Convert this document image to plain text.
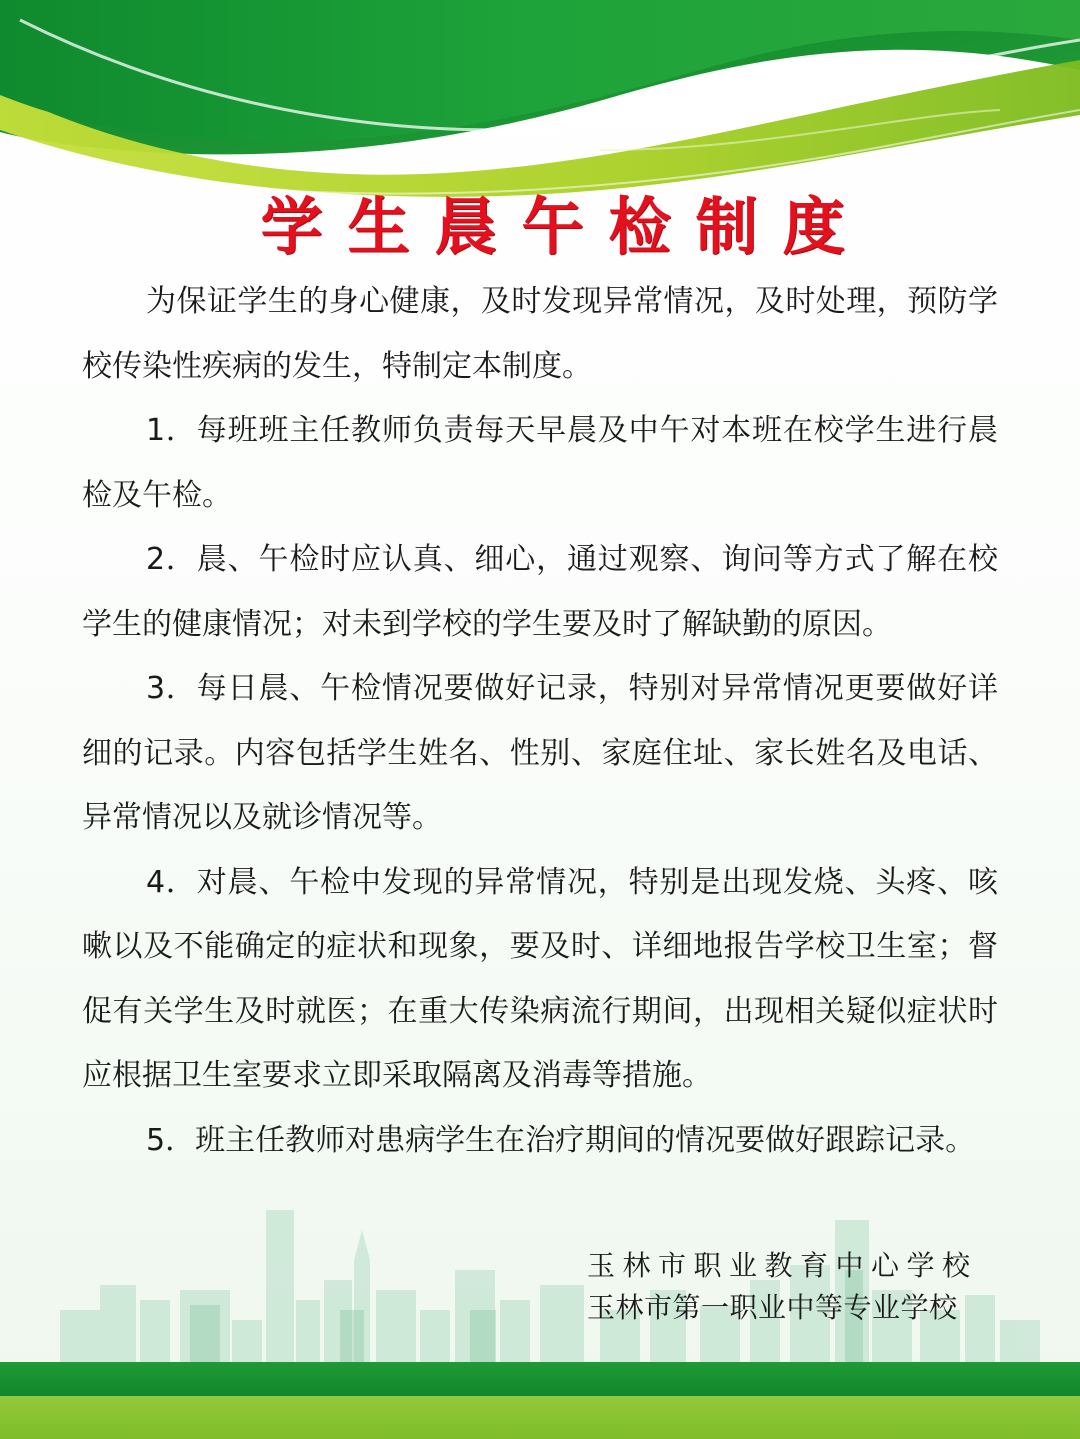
学生晨午检制度

为保证学生的身心健康，及时发现异常情况，及时处理，预防学校传染性疾病的发生，特制定本制度。

1．每班班主任教师负责每天早晨及中午对本班在校学生进行晨检及午检。

2．晨、午检时应认真、细心，通过观察、询问等方式了解在校学生的健康情况；对未到学校的学生要及时了解缺勤的原因。

3．每日晨、午检情况要做好记录，特别对异常情况更要做好详细的记录。内容包括学生姓名、性别、家庭住址、家长姓名及电话、异常情况以及就诊情况等。

4．对晨、午检中发现的异常情况，特别是出现发烧、头疼、咳嗽以及不能确定的症状和现象，要及时、详细地报告学校卫生室；督促有关学生及时就医；在重大传染病流行期间，出现相关疑似症状时应根据卫生室要求立即采取隔离及消毒等措施。

5．班主任教师对患病学生在治疗期间的情况要做好跟踪记录。

玉林市职业教育中心学校
玉林市第一职业中等专业学校
